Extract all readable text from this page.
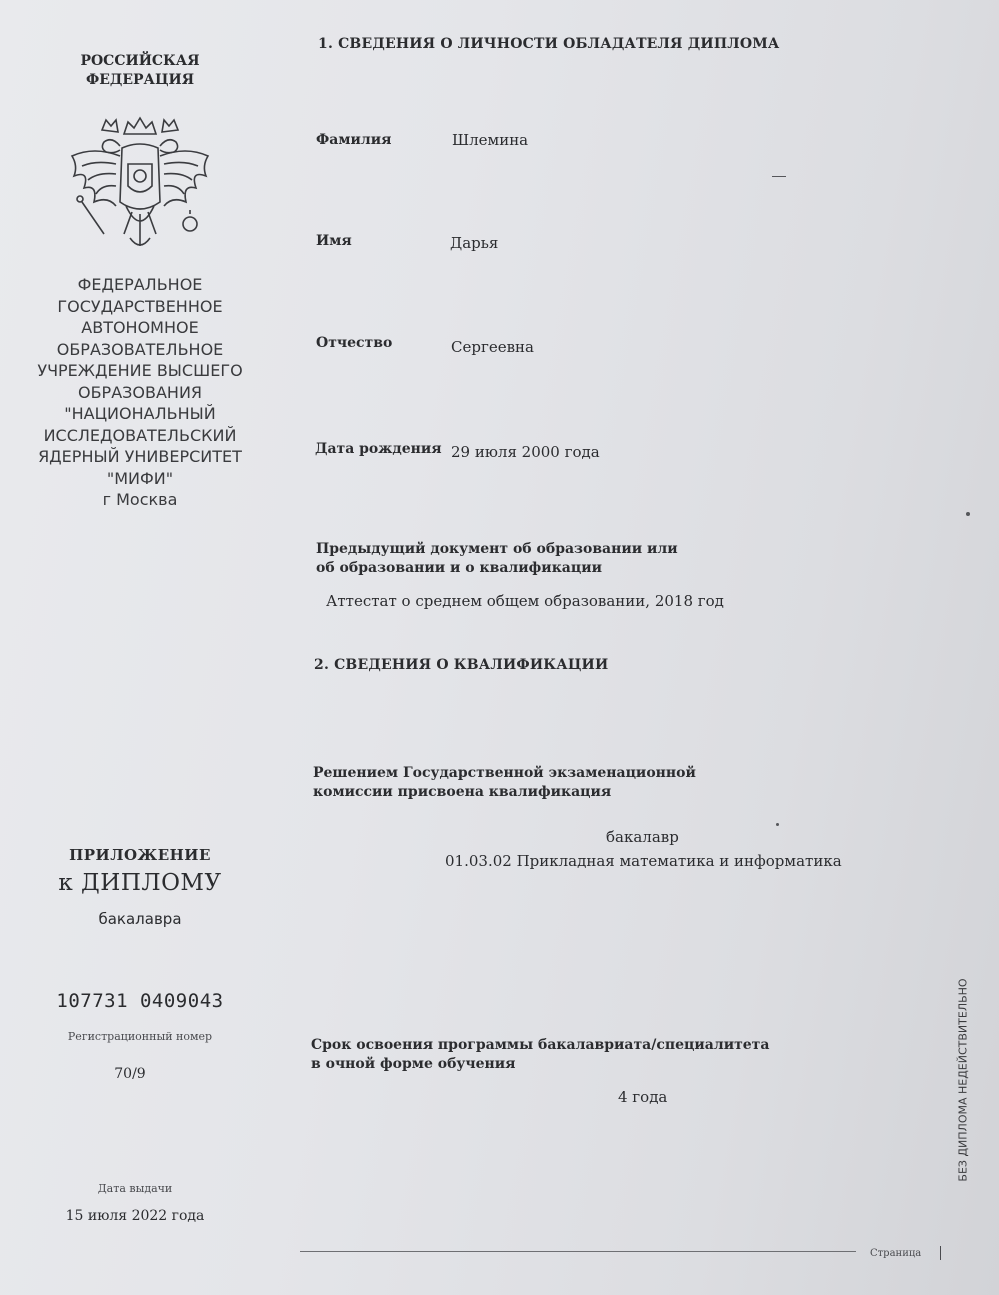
РОССИЙСКАЯ
ФЕДЕРАЦИЯ
ФЕДЕРАЛЬНОЕ
ГОСУДАРСТВЕННОЕ
АВТОНОМНОЕ
ОБРАЗОВАТЕЛЬНОЕ
УЧРЕЖДЕНИЕ ВЫСШЕГО
ОБРАЗОВАНИЯ
"НАЦИОНАЛЬНЫЙ
ИССЛЕДОВАТЕЛЬСКИЙ
ЯДЕРНЫЙ УНИВЕРСИТЕТ
"МИФИ"
г Москва
ПРИЛОЖЕНИЕ
к ДИПЛОМУ
бакалавра
107731 0409043
Регистрационный номер
70/9
Дата выдачи
15 июля 2022 года
1. СВЕДЕНИЯ О ЛИЧНОСТИ ОБЛАДАТЕЛЯ ДИПЛОМА
Фамилия	Шлемина
Имя	Дарья
Отчество	Сергеевна
Дата рождения 29 июля 2000 года
Предыдущий документ об образовании или
об образовании и о квалификации
Аттестат о среднем общем образовании, 2018 год
2. СВЕДЕНИЯ О КВАЛИФИКАЦИИ
Решением Государственной экзаменационной
комиссии присвоена квалификация
бакалавр
01.03.02 Прикладная математика и информатика
Срок освоения программы бакалавриата/специалитета
в очной форме обучения
4 года
Страница
БЕЗ ДИПЛОМА НЕДЕЙСТВИТЕЛЬНО
